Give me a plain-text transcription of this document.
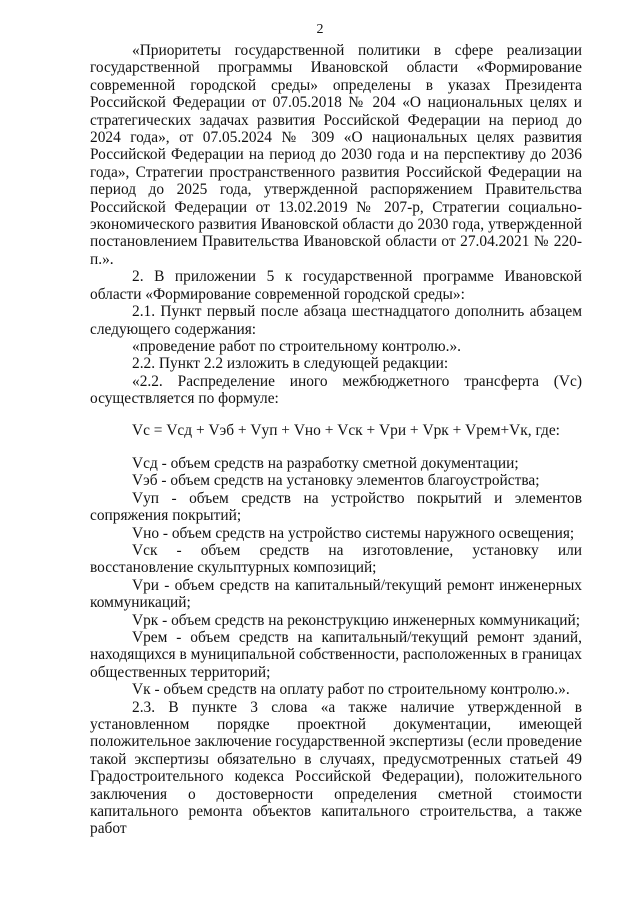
2

«Приоритеты государственной политики в сфере реализации государственной программы Ивановской области «Формирование современной городской среды» определены в указах Президента Российской Федерации от 07.05.2018 № 204 «О национальных целях и стратегических задачах развития Российской Федерации на период до 2024 года», от 07.05.2024 № 309 «О национальных целях развития Российской Федерации на период до 2030 года и на перспективу до 2036 года», Стратегии пространственного развития Российской Федерации на период до 2025 года, утвержденной распоряжением Правительства Российской Федерации от 13.02.2019 № 207-р, Стратегии социально-экономического развития Ивановской области до 2030 года, утвержденной постановлением Правительства Ивановской области от 27.04.2021 № 220-п.».

2. В приложении 5 к государственной программе Ивановской области «Формирование современной городской среды»:

2.1. Пункт первый после абзаца шестнадцатого дополнить абзацем следующего содержания:

«проведение работ по строительному контролю.».

2.2. Пункт 2.2 изложить в следующей редакции:

«2.2. Распределение иного межбюджетного трансферта (Vс) осуществляется по формуле:

Vс = Vсд + Vэб + Vуп + Vно + Vск + Vри + Vрк + Vрем+Vк, где:

Vсд - объем средств на разработку сметной документации;

Vэб - объем средств на установку элементов благоустройства;

Vуп - объем средств на устройство покрытий и элементов сопряжения покрытий;

Vно - объем средств на устройство системы наружного освещения;

Vск - объем средств на изготовление, установку или восстановление скульптурных композиций;

Vри - объем средств на капитальный/текущий ремонт инженерных коммуникаций;

Vрк - объем средств на реконструкцию инженерных коммуникаций;

Vрем - объем средств на капитальный/текущий ремонт зданий, находящихся в муниципальной собственности, расположенных в границах общественных территорий;

Vк - объем средств на оплату работ по строительному контролю.».

2.3. В пункте 3 слова «а также наличие утвержденной в установленном порядке проектной документации, имеющей положительное заключение государственной экспертизы (если проведение такой экспертизы обязательно в случаях, предусмотренных статьей 49 Градостроительного кодекса Российской Федерации), положительного заключения о достоверности определения сметной стоимости капитального ремонта объектов капитального строительства, а также работ
